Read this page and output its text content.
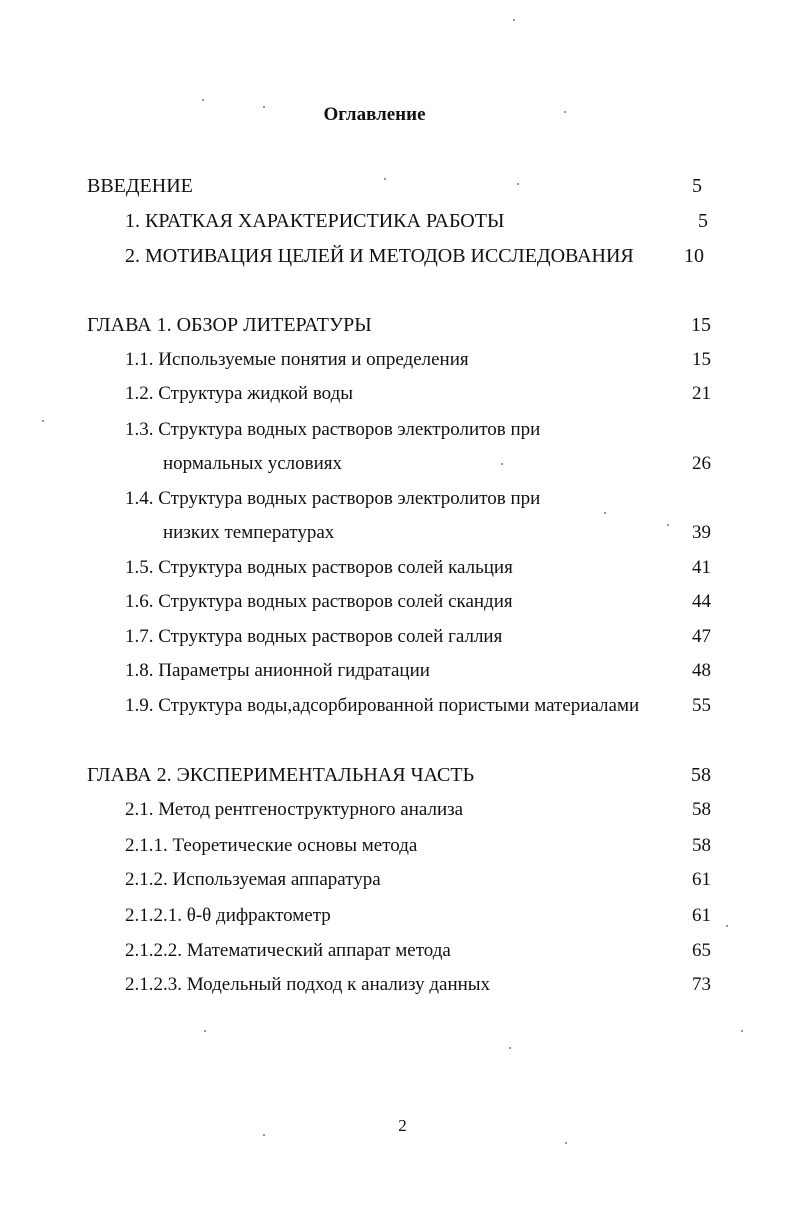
Оглавление
ВВЕДЕНИЕ	5
1. КРАТКАЯ ХАРАКТЕРИСТИКА РАБОТЫ	5
2. МОТИВАЦИЯ ЦЕЛЕЙ И МЕТОДОВ ИССЛЕДОВАНИЯ	10
ГЛАВА 1. ОБЗОР ЛИТЕРАТУРЫ	15
1.1. Используемые понятия и определения	15
1.2. Структура жидкой воды	21
1.3. Структура водных растворов электролитов при
нормальных условиях	26
1.4. Структура водных растворов электролитов при
низких температурах	39
1.5. Структура водных растворов солей кальция	41
1.6. Структура водных растворов солей скандия	44
1.7. Структура водных растворов солей галлия	47
1.8. Параметры анионной гидратации	48
1.9. Структура воды,адсорбированной пористыми материалами	55
ГЛАВА 2. ЭКСПЕРИМЕНТАЛЬНАЯ ЧАСТЬ	58
2.1. Метод рентгеноструктурного анализа	58
2.1.1. Теоретические основы метода	58
2.1.2. Используемая аппаратура	61
2.1.2.1. θ-θ дифрактометр	61
2.1.2.2. Математический аппарат метода	65
2.1.2.3. Модельный подход к анализу данных	73
2
